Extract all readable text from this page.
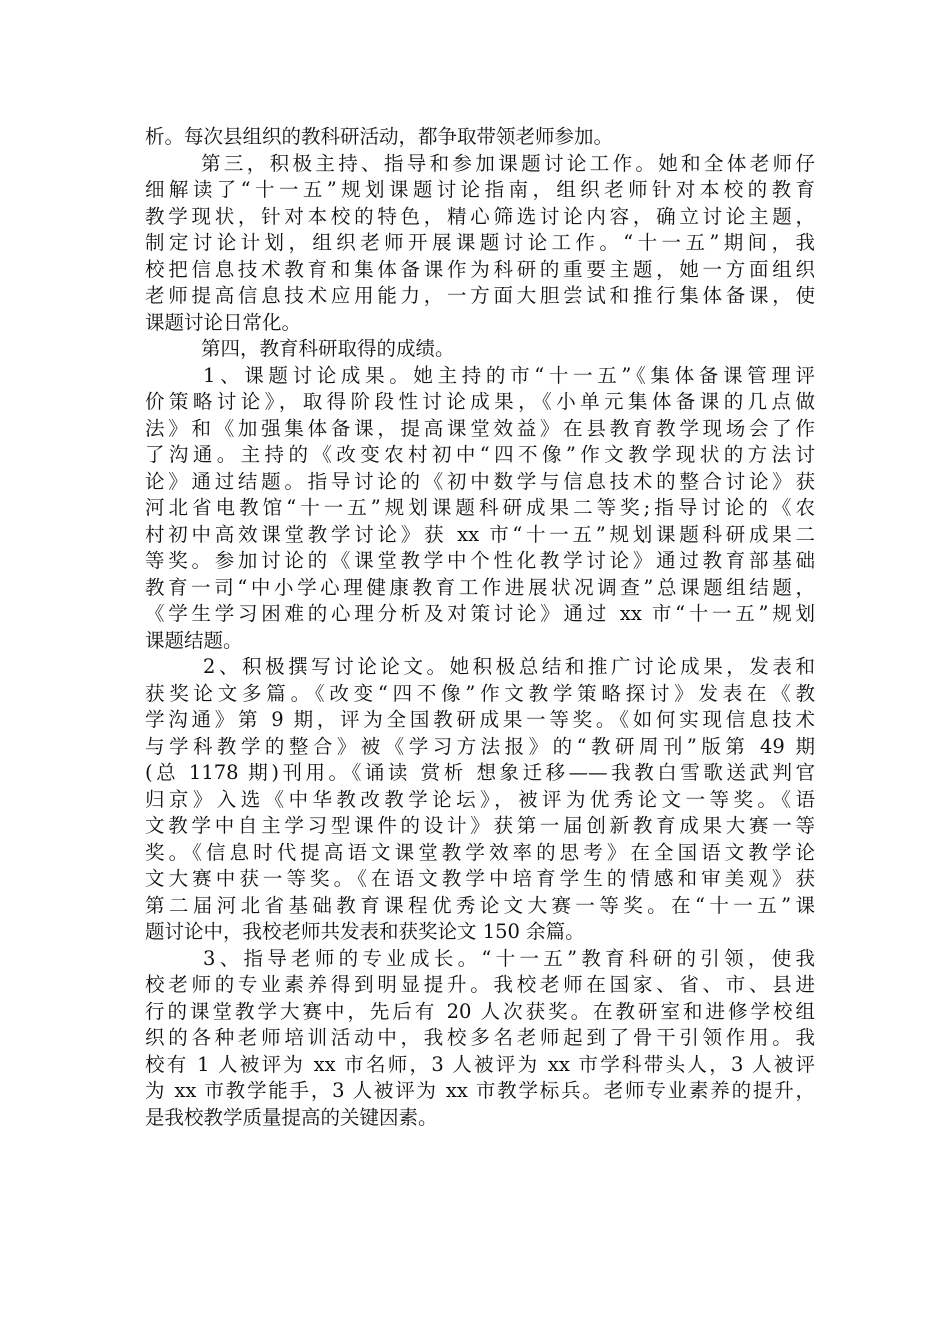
析。每次县组织的教科研活动，都争取带领老师参加。
第三，积极主持、指导和参加课题讨论工作。她和全体老师仔
细解读了“十一五”规划课题讨论指南，组织老师针对本校的教育
教学现状，针对本校的特色，精心筛选讨论内容，确立讨论主题，
制定讨论计划，组织老师开展课题讨论工作。“十一五”期间，我
校把信息技术教育和集体备课作为科研的重要主题，她一方面组织
老师提高信息技术应用能力，一方面大胆尝试和推行集体备课，使
课题讨论日常化。
第四，教育科研取得的成绩。
1、课题讨论成果。她主持的市“十一五”《集体备课管理评
价策略讨论》，取得阶段性讨论成果，《小单元集体备课的几点做
法》和《加强集体备课，提高课堂效益》在县教育教学现场会了作
了沟通。主持的《改变农村初中“四不像”作文教学现状的方法讨
论》通过结题。指导讨论的《初中数学与信息技术的整合讨论》获
河北省电教馆“十一五”规划课题科研成果二等奖;指导讨论的《农
村初中高效课堂教学讨论》获 xx 市“十一五”规划课题科研成果二
等奖。参加讨论的《课堂教学中个性化教学讨论》通过教育部基础
教育一司“中小学心理健康教育工作进展状况调查”总课题组结题，
《学生学习困难的心理分析及对策讨论》通过 xx 市“十一五”规划
课题结题。
2、积极撰写讨论论文。她积极总结和推广讨论成果，发表和
获奖论文多篇。《改变“四不像”作文教学策略探讨》发表在《教
学沟通》第 9 期，评为全国教研成果一等奖。《如何实现信息技术
与学科教学的整合》被《学习方法报》的“教研周刊”版第 49 期
(总 1178 期)刊用。《诵读 赏析 想象迁移——我教白雪歌送武判官
归京》入选《中华教改教学论坛》，被评为优秀论文一等奖。《语
文教学中自主学习型课件的设计》获第一届创新教育成果大赛一等
奖。《信息时代提高语文课堂教学效率的思考》在全国语文教学论
文大赛中获一等奖。《在语文教学中培育学生的情感和审美观》获
第二届河北省基础教育课程优秀论文大赛一等奖。在“十一五”课
题讨论中，我校老师共发表和获奖论文 150 余篇。
3、指导老师的专业成长。“十一五”教育科研的引领，使我
校老师的专业素养得到明显提升。我校老师在国家、省、市、县进
行的课堂教学大赛中，先后有 20 人次获奖。在教研室和进修学校组
织的各种老师培训活动中，我校多名老师起到了骨干引领作用。我
校有 1 人被评为 xx 市名师，3 人被评为 xx 市学科带头人，3 人被评
为 xx 市教学能手，3 人被评为 xx 市教学标兵。老师专业素养的提升，
是我校教学质量提高的关键因素。
